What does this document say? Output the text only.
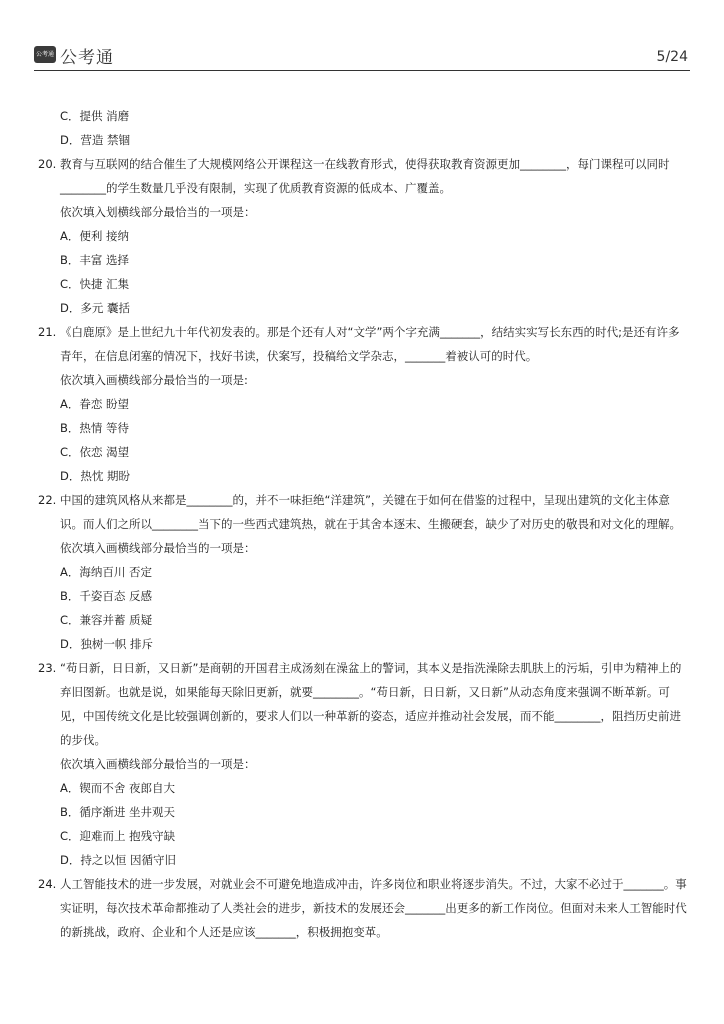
公考通 公考通	5/24
C．提供 消磨
D．营造 禁锢
20. 教育与互联网的结合催生了大规模网络公开课程这一在线教育形式，使得获取教育资源更加________，每门课程可以同时________的学生数量几乎没有限制，实现了优质教育资源的低成本、广覆盖。
依次填入划横线部分最恰当的一项是：
A．便利 接纳
B．丰富 选择
C．快捷 汇集
D．多元 囊括
21. 《白鹿原》是上世纪九十年代初发表的。那是个还有人对“文学”两个字充满_______，结结实实写长东西的时代;是还有许多青年，在信息闭塞的情况下，找好书读，伏案写，投稿给文学杂志，_______着被认可的时代。
依次填入画横线部分最恰当的一项是:
A．眷恋 盼望
B．热情 等待
C．依恋 渴望
D．热忱 期盼
22. 中国的建筑风格从来都是________的，并不一味拒绝“洋建筑”，关键在于如何在借鉴的过程中，呈现出建筑的文化主体意识。而人们之所以________当下的一些西式建筑热，就在于其舍本逐末、生搬硬套，缺少了对历史的敬畏和对文化的理解。
依次填入画横线部分最恰当的一项是：
A．海纳百川 否定
B．千姿百态 反感
C．兼容并蓄 质疑
D．独树一帜 排斥
23. “苟日新，日日新，又日新”是商朝的开国君主成汤刻在澡盆上的警词，其本义是指洗澡除去肌肤上的污垢，引申为精神上的弃旧图新。也就是说，如果能每天除旧更新，就要________。“苟日新，日日新，又日新”从动态角度来强调不断革新。可见，中国传统文化是比较强调创新的，要求人们以一种革新的姿态，适应并推动社会发展，而不能________，阻挡历史前进的步伐。
依次填入画横线部分最恰当的一项是：
A．锲而不舍 夜郎自大
B．循序渐进 坐井观天
C．迎难而上 抱残守缺
D．持之以恒 因循守旧
24. 人工智能技术的进一步发展，对就业会不可避免地造成冲击，许多岗位和职业将逐步消失。不过，大家不必过于_______。事实证明，每次技术革命都推动了人类社会的进步，新技术的发展还会_______出更多的新工作岗位。但面对未来人工智能时代的新挑战，政府、企业和个人还是应该_______，积极拥抱变革。
